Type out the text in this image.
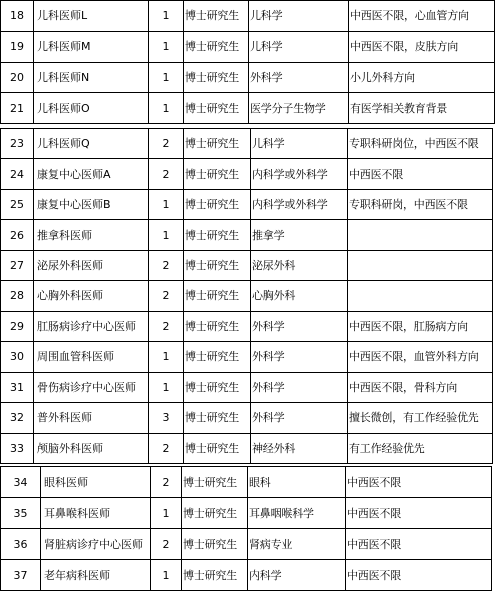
18	儿科医师L	1	博士研究生	儿科学	中西医不限，心血管方向
19	儿科医师M	1	博士研究生	儿科学	中西医不限，皮肤方向
20	儿科医师N	1	博士研究生	外科学	小儿外科方向
21	儿科医师O	1	博士研究生	医学分子生物学	有医学相关教育背景
23	儿科医师Q	2	博士研究生	儿科学	专职科研岗位，中西医不限
24	康复中心医师A	2	博士研究生	内科学或外科学	中西医不限
25	康复中心医师B	1	博士研究生	内科学或外科学	专职科研岗，中西医不限
26	推拿科医师	1	博士研究生	推拿学	
27	泌尿外科医师	2	博士研究生	泌尿外科	
28	心胸外科医师	2	博士研究生	心胸外科	
29	肛肠病诊疗中心医师	2	博士研究生	外科学	中西医不限，肛肠病方向
30	周围血管科医师	1	博士研究生	外科学	中西医不限，血管外科方向
31	骨伤病诊疗中心医师	1	博士研究生	外科学	中西医不限，骨科方向
32	普外科医师	3	博士研究生	外科学	擅长微创，有工作经验优先
33	颅脑外科医师	2	博士研究生	神经外科	有工作经验优先
34	眼科医师	2	博士研究生	眼科	中西医不限
35	耳鼻喉科医师	1	博士研究生	耳鼻咽喉科学	中西医不限
36	肾脏病诊疗中心医师	2	博士研究生	肾病专业	中西医不限
37	老年病科医师	1	博士研究生	内科学	中西医不限
